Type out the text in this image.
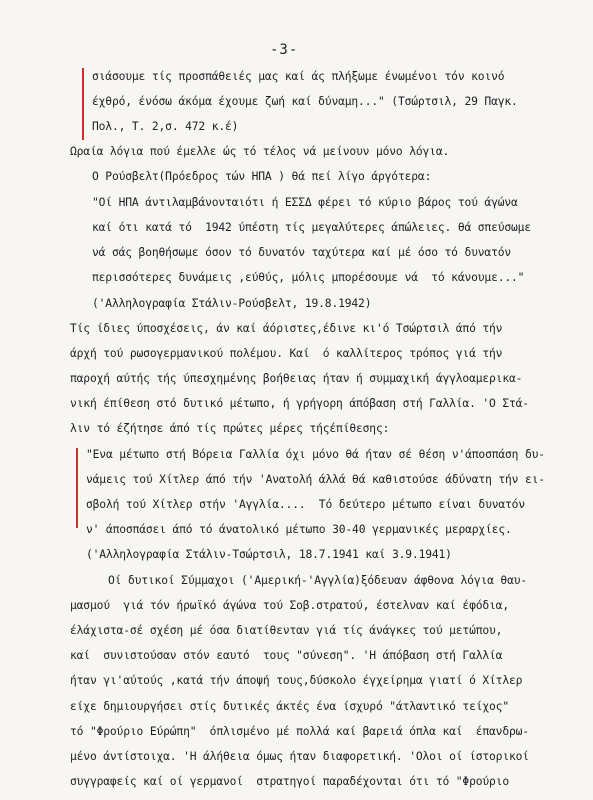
-3-
σιάσουμε τίς προσπάθειές μας καί άς πλήξωμε ένωμένοι τόν κοινό
έχθρό, ένόσω άκόμα έχουμε ζωή καί δύναμη..." (Τσώρτσιλ, 29 Παγκ.
Πολ., Τ. 2,σ. 472 κ.έ)
Ωραία λόγια πού έμελλε ώς τό τέλος νά μείνουν μόνο λόγια.
Ο Ρούσβελτ(Πρόεδρος τών ΗΠΑ ) θά πεί λίγο άργότερα:
"Οί ΗΠΑ άντιλαμβάνονταιότι ή ΕΣΣΔ φέρει τό κύριο βάρος τού άγώνα
καί ότι κατά τό  1942 ύπέστη τίς μεγαλύτερες άπώλειες. θά σπεύσωμε
νά σάς βοηθήσωμε όσον τό δυνατόν ταχύτερα καί μέ όσο τό δυνατόν
περισσότερες δυνάμεις ,εύθύς, μόλις μπορέσουμε νά  τό κάνουμε..."
('Αλληλογραφία Στάλιν-Ρούσβελτ, 19.8.1942)
Τίς ίδιες ύποσχέσεις, άν καί άόριστες,έδινε κι'ό Τσώρτσιλ άπό τήν
άρχή τού ρωσογερμανικού πολέμου. Καί  ό καλλίτερος τρόπος γιά τήν
παροχή αύτής τής ύπεσχημένης βοήθειας ήταν ή συμμαχική άγγλοαμερικα-
νική έπίθεση στό δυτικό μέτωπο, ή γρήγορη άπόβαση στή Γαλλία. 'Ο Στά-
λιν τό έζήτησε άπό τίς πρώτες μέρες τήςέπίθεσης:
"Ενα μέτωπο στή Βόρεια Γαλλία όχι μόνο θά ήταν σέ θέση ν'άποσπάση δυ-
νάμεις τού Χίτλερ άπό τήν 'Ανατολή άλλά θά καθιστούσε άδύνατη τήν ει-
σβολή τού Χίτλερ στήν 'Αγγλία....  Τό δεύτερο μέτωπο είναι δυνατόν
ν' άποσπάσει άπό τό άνατολικό μέτωπο 30-40 γερμανικές μεραρχίες.
('Αλληλογραφία Στάλιν-Τσώρτσιλ, 18.7.1941 καί 3.9.1941)
Οί δυτικοί Σύμμαχοι ('Αμερική-'Αγγλία)ξόδευαν άφθονα λόγια θαυ-
μασμού  γιά τόν ήρωϊκό άγώνα τού Σοβ.στρατού, έστελναν καί έφόδια,
έλάχιστα-σέ σχέση μέ όσα διατίθενταν γιά τίς άνάγκες τού μετώπου,
καί  συνιστούσαν στόν εαυτό  τους "σύνεση". 'Η άπόβαση στή Γαλλία
ήταν γι'αύτούς ,κατά τήν άποψή τους,δύσκολο έγχείρημα γιατί ό Χίτλερ
είχε δημιουργήσει στίς δυτικές άκτές ένα ίσχυρό "άτλαντικό τείχος"
τό "Φρούριο Εύρώπη"  όπλισμένο μέ πολλά καί βαρειά όπλα καί  έπανδρω-
μένο άντίστοιχα. 'Η άλήθεια όμως ήταν διαφορετική. 'Ολοι οί ίστορικοί
συγγραφείς καί οί γερμανοί  στρατηγοί παραδέχονται ότι τό "Φρούριο
